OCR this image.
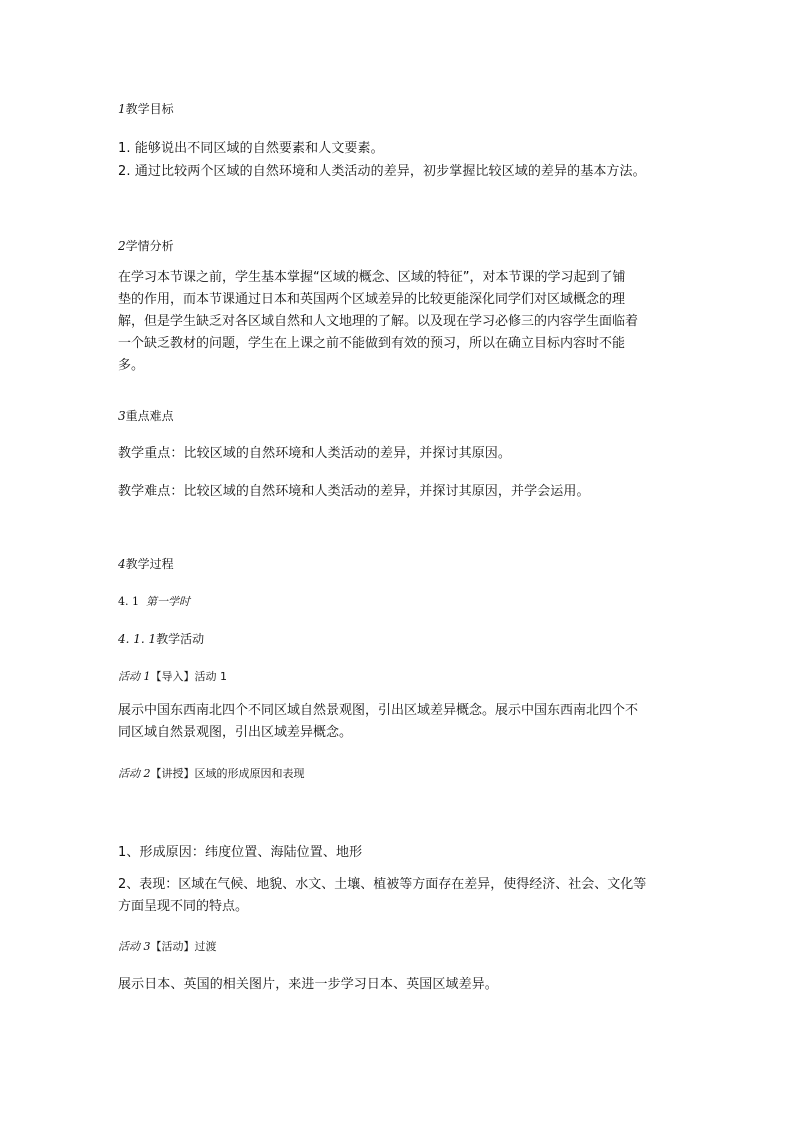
1教学目标
1. 能够说出不同区域的自然要素和人文要素。
2. 通过比较两个区域的自然环境和人类活动的差异，初步掌握比较区域的差异的基本方法。
2学情分析

在学习本节课之前，学生基本掌握“区域的概念、区域的特征”，对本节课的学习起到了铺

垫的作用，而本节课通过日本和英国两个区域差异的比较更能深化同学们对区域概念的理

解，但是学生缺乏对各区域自然和人文地理的了解。以及现在学习必修三的内容学生面临着

一个缺乏教材的问题，学生在上课之前不能做到有效的预习，所以在确立目标内容时不能

多。

3重点难点
教学重点：比较区域的自然环境和人类活动的差异，并探讨其原因。
教学难点：比较区域的自然环境和人类活动的差异，并探讨其原因，并学会运用。
4教学过程
4. 1 第一学时
4. 1. 1教学活动
活动 1【导入】活动 1

展示中国东西南北四个不同区域自然景观图，引出区域差异概念。展示中国东西南北四个不

同区域自然景观图，引出区域差异概念。

活动 2【讲授】区域的形成原因和表现
1、形成原因：纬度位置、海陆位置、地形

2、表现：区域在气候、地貌、水文、土壤、植被等方面存在差异，使得经济、社会、文化等

方面呈现不同的特点。

活动 3【活动】过渡
展示日本、英国的相关图片，来进一步学习日本、英国区域差异。
